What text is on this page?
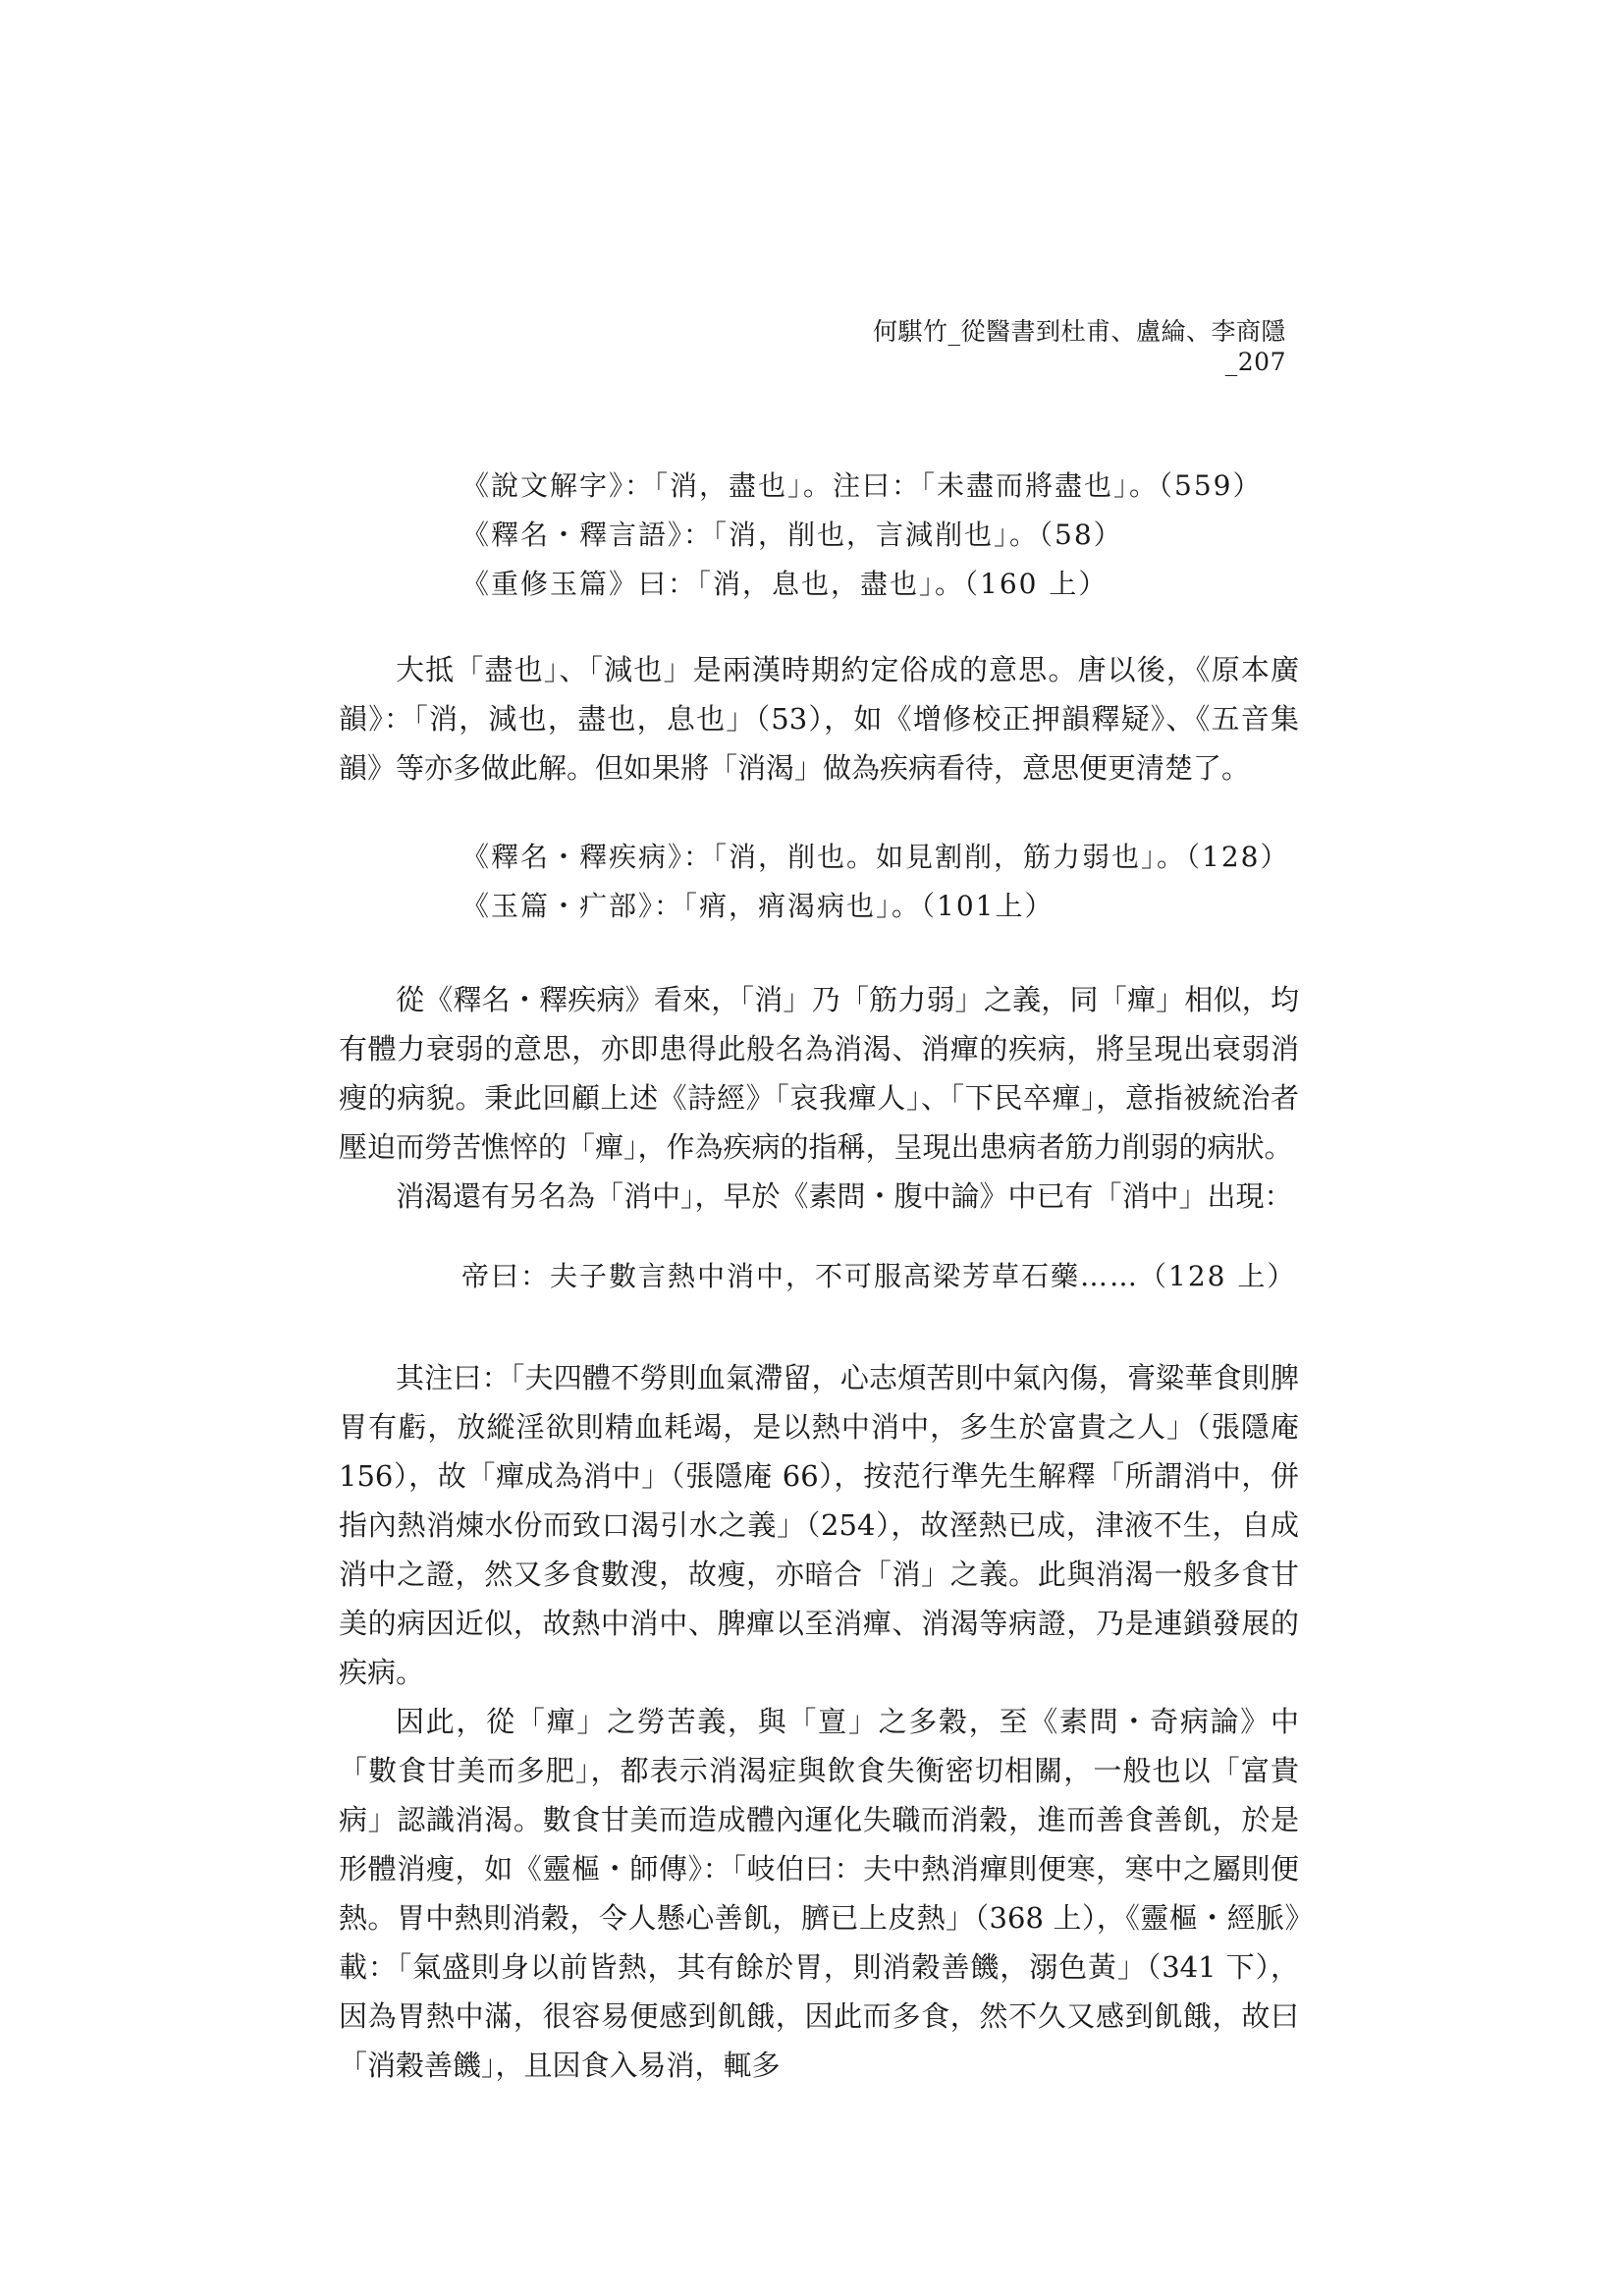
何騏竹_從醫書到杜甫、盧綸、李商隱_207
《說文解字》：「消，盡也」。注曰：「未盡而將盡也」。（559）
《釋名・釋言語》：「消，削也，言減削也」。（58）
《重修玉篇》曰：「消，息也，盡也」。（160 上）

大抵「盡也」、「減也」是兩漢時期約定俗成的意思。唐以後，《原本廣韻》：「消，減也，盡也，息也」（53），如《增修校正押韻釋疑》、《五音集韻》等亦多做此解。但如果將「消渴」做為疾病看待，意思便更清楚了。

《釋名・釋疾病》：「消，削也。如見割削，筋力弱也」。（128）
《玉篇・疒部》：「痟，痟渴病也」。（101上）

從《釋名・釋疾病》看來，「消」乃「筋力弱」之義，同「癉」相似，均有體力衰弱的意思，亦即患得此般名為消渴、消癉的疾病，將呈現出衰弱消瘦的病貌。秉此回顧上述《詩經》「哀我癉人」、「下民卒癉」，意指被統治者壓迫而勞苦憔悴的「癉」，作為疾病的指稱，呈現出患病者筋力削弱的病狀。

消渴還有另名為「消中」，早於《素問・腹中論》中已有「消中」出現：

帝曰：夫子數言熱中消中，不可服高梁芳草石藥……（128 上）

其注曰：「夫四體不勞則血氣滯留，心志煩苦則中氣內傷，膏粱華食則脾胃有虧，放縱淫欲則精血耗竭，是以熱中消中，多生於富貴之人」（張隱庵 156），故「癉成為消中」（張隱庵 66），按范行準先生解釋「所謂消中，併指內熱消煉水份而致口渴引水之義」（254），故溼熱已成，津液不生，自成消中之證，然又多食數溲，故瘦，亦暗合「消」之義。此與消渴一般多食甘美的病因近似，故熱中消中、脾癉以至消癉、消渴等病證，乃是連鎖發展的疾病。

因此，從「癉」之勞苦義，與「亶」之多穀，至《素問・奇病論》中「數食甘美而多肥」，都表示消渴症與飲食失衡密切相關，一般也以「富貴病」認識消渴。數食甘美而造成體內運化失職而消穀，進而善食善飢，於是形體消瘦，如《靈樞・師傳》：「岐伯曰：夫中熱消癉則便寒，寒中之屬則便熱。胃中熱則消穀，令人懸心善飢，臍已上皮熱」（368 上），《靈樞・經脈》載：「氣盛則身以前皆熱，其有餘於胃，則消穀善饑，溺色黃」（341 下），因為胃熱中滿，很容易便感到飢餓，因此而多食，然不久又感到飢餓，故曰「消穀善饑」，且因食入易消，輒多
